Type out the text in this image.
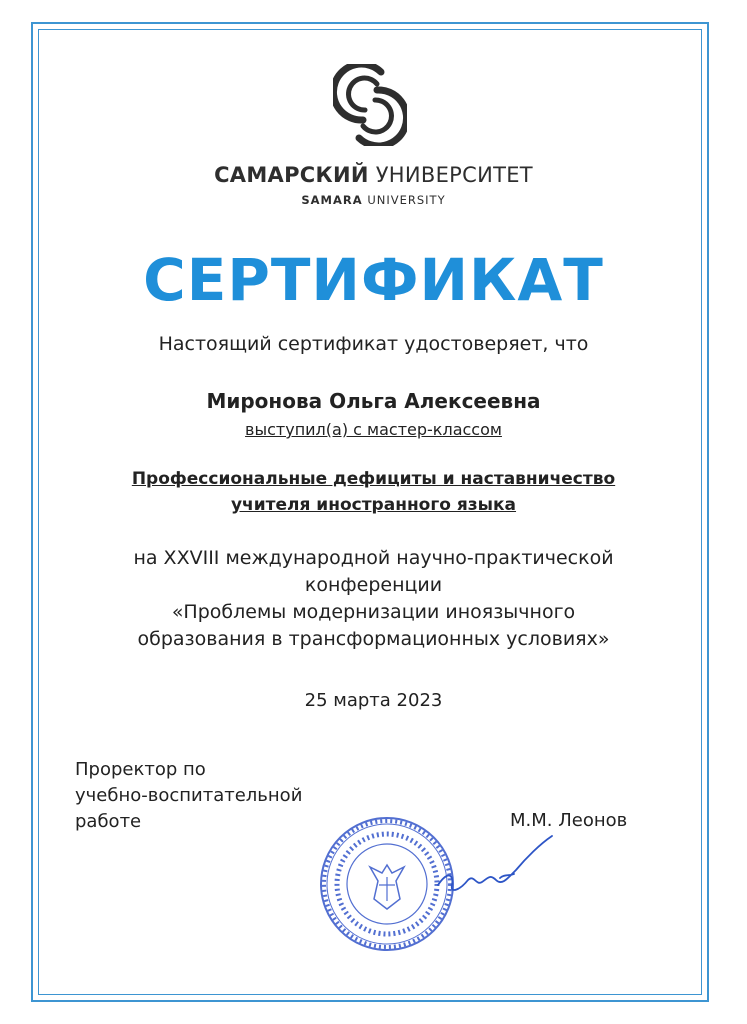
САМАРСКИЙ УНИВЕРСИТЕТ
SAMARA UNIVERSITY
СЕРТИФИКАТ
Настоящий сертификат удостоверяет, что
Миронова Ольга Алексеевна
выступил(а) с мастер-классом
Профессиональные дефициты и наставничество
учителя иностранного языка
на XXVIII международной научно-практической
конференции
«Проблемы модернизации иноязычного
образования в трансформационных условиях»
25 марта 2023
Проректор по
учебно-воспитательной
работе	М.М. Леонов
